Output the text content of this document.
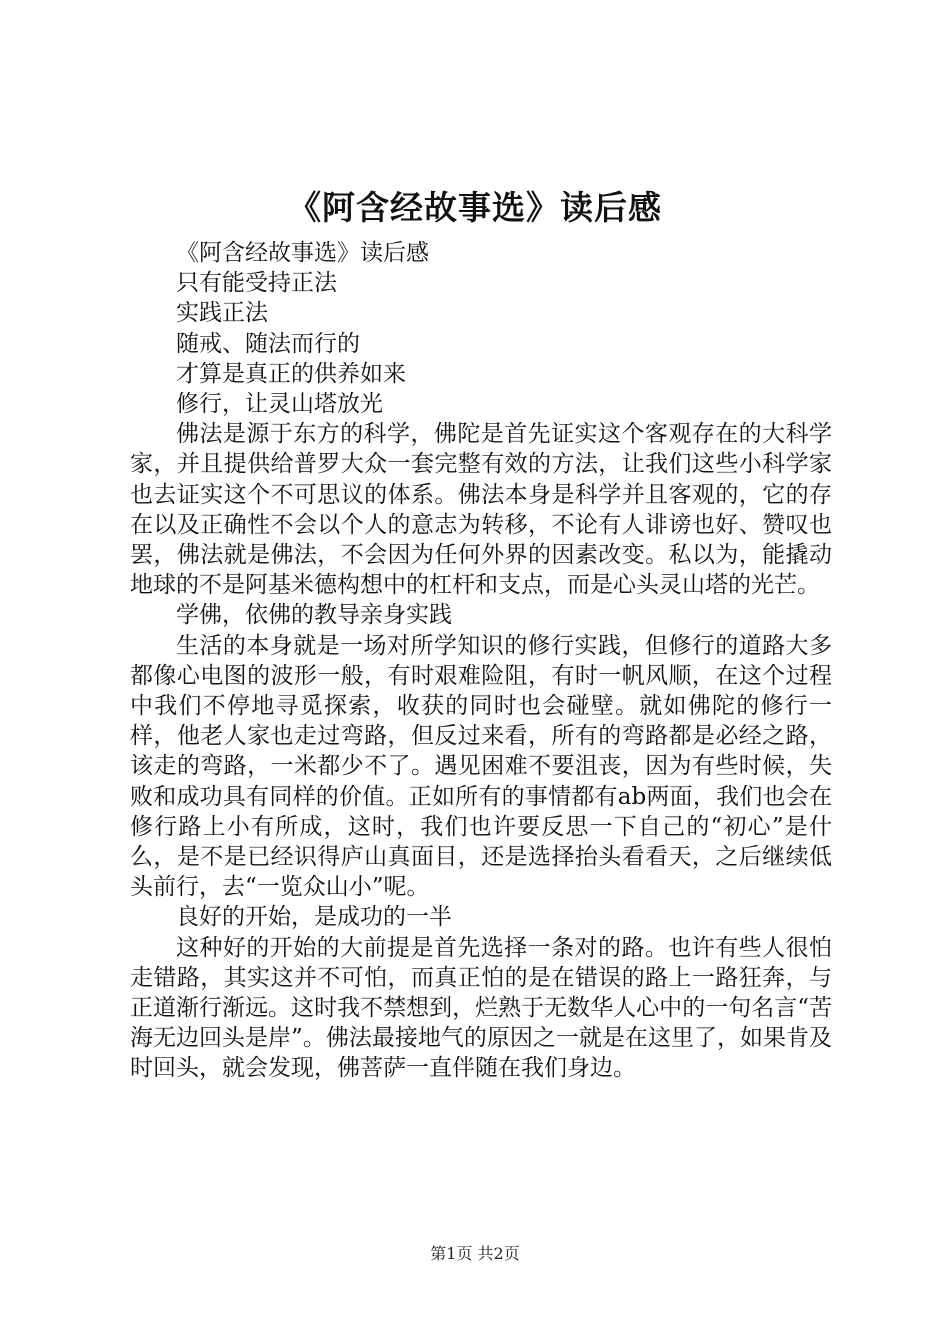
《阿含经故事选》读后感

《阿含经故事选》读后感

只有能受持正法

实践正法

随戒、随法而行的

才算是真正的供养如来

修行，让灵山塔放光

佛法是源于东方的科学，佛陀是首先证实这个客观存在的大科学家，并且提供给普罗大众一套完整有效的方法，让我们这些小科学家也去证实这个不可思议的体系。佛法本身是科学并且客观的，它的存在以及正确性不会以个人的意志为转移，不论有人诽谤也好、赞叹也罢，佛法就是佛法，不会因为任何外界的因素改变。私以为，能撬动地球的不是阿基米德构想中的杠杆和支点，而是心头灵山塔的光芒。

学佛，依佛的教导亲身实践

生活的本身就是一场对所学知识的修行实践，但修行的道路大多都像心电图的波形一般，有时艰难险阻，有时一帆风顺，在这个过程中我们不停地寻觅探索，收获的同时也会碰壁。就如佛陀的修行一样，他老人家也走过弯路，但反过来看，所有的弯路都是必经之路，该走的弯路，一米都少不了。遇见困难不要沮丧，因为有些时候，失败和成功具有同样的价值。正如所有的事情都有ab两面，我们也会在修行路上小有所成，这时，我们也许要反思一下自己的“初心”是什么，是不是已经识得庐山真面目，还是选择抬头看看天，之后继续低头前行，去“一览众山小”呢。

良好的开始，是成功的一半

这种好的开始的大前提是首先选择一条对的路。也许有些人很怕走错路，其实这并不可怕，而真正怕的是在错误的路上一路狂奔，与正道渐行渐远。这时我不禁想到，烂熟于无数华人心中的一句名言“苦海无边回头是岸”。佛法最接地气的原因之一就是在这里了，如果肯及时回头，就会发现，佛菩萨一直伴随在我们身边。

第1页 共2页
